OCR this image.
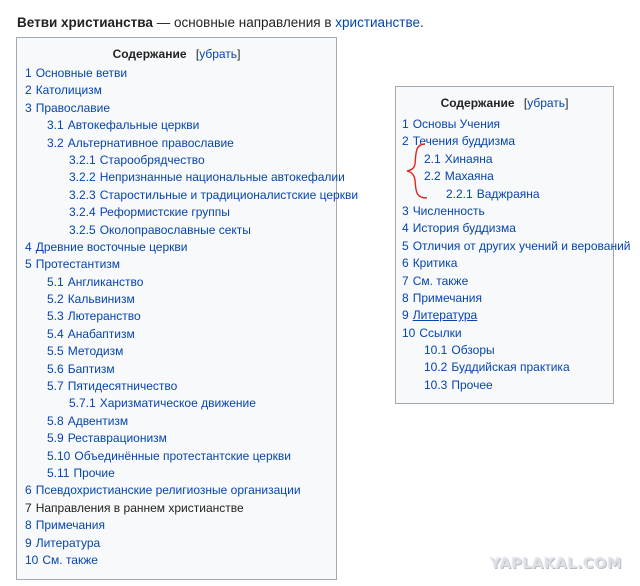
Ветви христианства — основные направления в христианстве.
Содержание [убрать]
1 Основные ветви
2 Католицизм
3 Православие
3.1 Автокефальные церкви
3.2 Альтернативное православие
3.2.1 Старообрядчество
3.2.2 Непризнанные национальные автокефалии
3.2.3 Старостильные и традиционалистские церкви
3.2.4 Реформистские группы
3.2.5 Околоправославные секты
4 Древние восточные церкви
5 Протестантизм
5.1 Англиканство
5.2 Кальвинизм
5.3 Лютеранство
5.4 Анабаптизм
5.5 Методизм
5.6 Баптизм
5.7 Пятидесятничество
5.7.1 Харизматическое движение
5.8 Адвентизм
5.9 Реставрационизм
5.10 Объединённые протестантские церкви
5.11 Прочие
6 Псевдохристианские религиозные организации
7 Направления в раннем христианстве
8 Примечания
9 Литература
10 См. также
Содержание [убрать]
1 Основы Учения
2 Течения буддизма
2.1 Хинаяна
2.2 Махаяна
2.2.1 Ваджраяна
3 Численность
4 История буддизма
5 Отличия от других учений и верований
6 Критика
7 См. также
8 Примечания
9 Литература
10 Ссылки
10.1 Обзоры
10.2 Буддийская практика
10.3 Прочее
YAPLAKAL.COM
